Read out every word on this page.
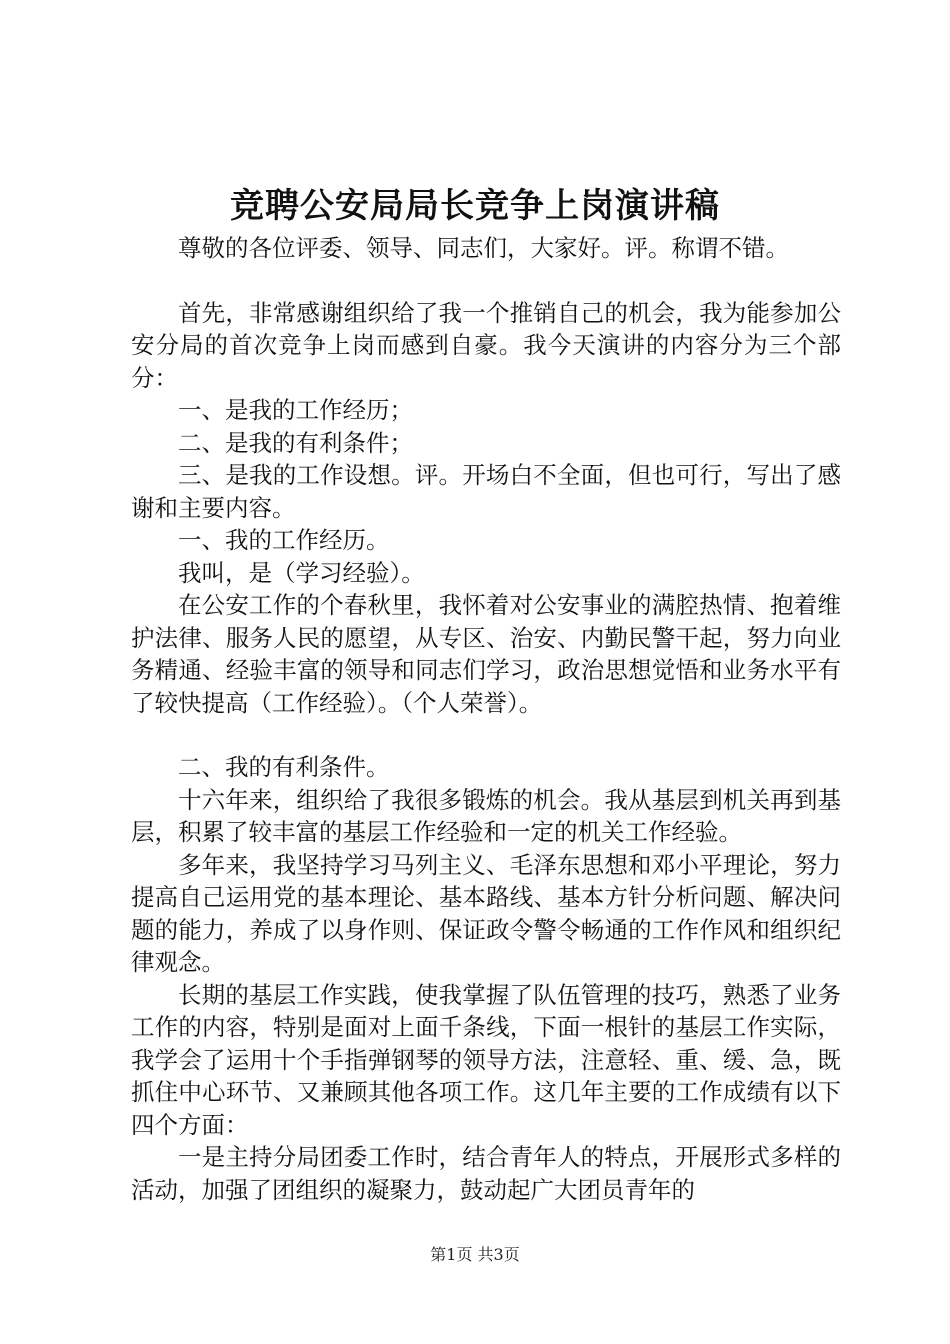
竞聘公安局局长竞争上岗演讲稿

尊敬的各位评委、领导、同志们，大家好。评。称谓不错。

首先，非常感谢组织给了我一个推销自己的机会，我为能参加公安分局的首次竞争上岗而感到自豪。我今天演讲的内容分为三个部分：

一、是我的工作经历；

二、是我的有利条件；

三、是我的工作设想。评。开场白不全面，但也可行，写出了感谢和主要内容。

一、我的工作经历。

我叫，是（学习经验）。

在公安工作的个春秋里，我怀着对公安事业的满腔热情、抱着维护法律、服务人民的愿望，从专区、治安、内勤民警干起，努力向业务精通、经验丰富的领导和同志们学习，政治思想觉悟和业务水平有了较快提高（工作经验）。（个人荣誉）。

二、我的有利条件。

十六年来，组织给了我很多锻炼的机会。我从基层到机关再到基层，积累了较丰富的基层工作经验和一定的机关工作经验。

多年来，我坚持学习马列主义、毛泽东思想和邓小平理论，努力提高自己运用党的基本理论、基本路线、基本方针分析问题、解决问题的能力，养成了以身作则、保证政令警令畅通的工作作风和组织纪律观念。

长期的基层工作实践，使我掌握了队伍管理的技巧，熟悉了业务工作的内容，特别是面对上面千条线，下面一根针的基层工作实际，我学会了运用十个手指弹钢琴的领导方法，注意轻、重、缓、急，既抓住中心环节、又兼顾其他各项工作。这几年主要的工作成绩有以下四个方面：

一是主持分局团委工作时，结合青年人的特点，开展形式多样的活动，加强了团组织的凝聚力，鼓动起广大团员青年的

第1页 共3页
